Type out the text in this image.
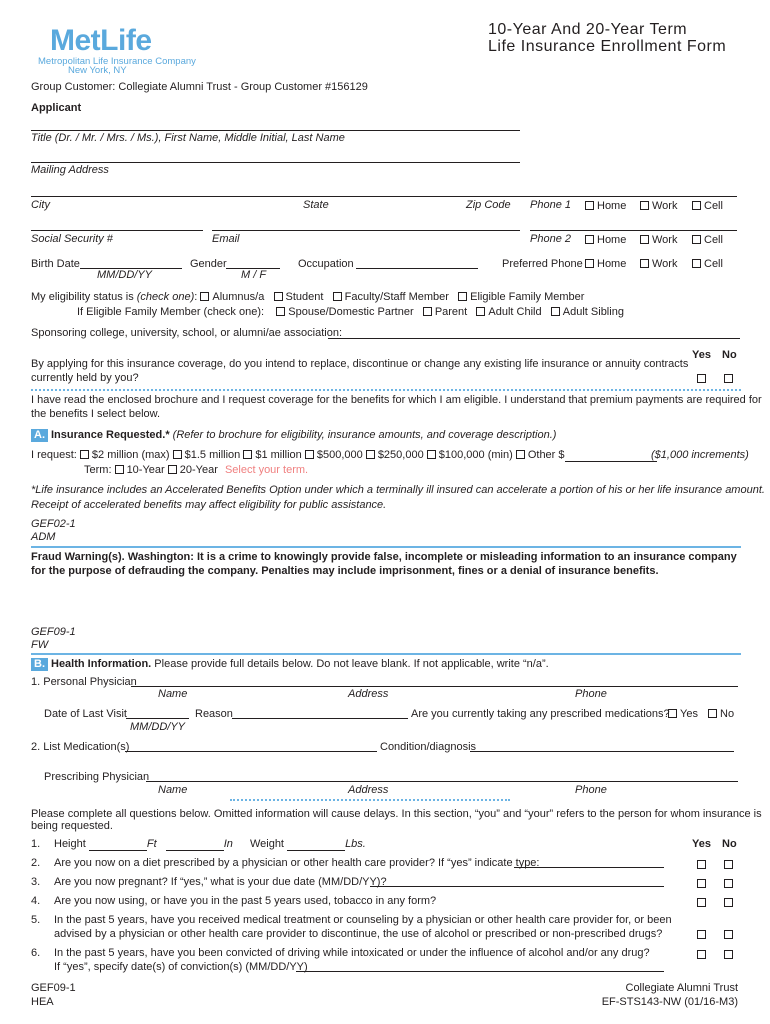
MetLife
Metropolitan Life Insurance Company
New York, NY
10-Year And 20-Year Term
Life Insurance Enrollment Form
Group Customer: Collegiate Alumni Trust - Group Customer #156129
Applicant
Title (Dr. / Mr. / Mrs. / Ms.), First Name, Middle Initial, Last Name
Mailing Address
City	State	Zip Code Phone 1	Home	Work	Cell
Social Security #	Email	Phone 2	Home	Work	Cell
Birth Date
MM/DD/YY
Gender
M / F
Occupation	Preferred Phone	Home	Work	Cell
My eligibility status is (check one): Alumnus/a Student Faculty/Staff Member Eligible Family Member
If Eligible Family Member (check one): Spouse/Domestic Partner Parent Adult Child Adult Sibling
Sponsoring college, university, school, or alumni/ae association:
Yes No
By applying for this insurance coverage, do you intend to replace, discontinue or change any existing life insurance or annuity contracts
currently held by you?
I have read the enclosed brochure and I request coverage for the benefits for which I am eligible. I understand that premium payments are required for
the benefits I select below.
A. Insurance Requested.* (Refer to brochure for eligibility, insurance amounts, and coverage description.)
I request: $2 million (max) $1.5 million $1 million $500,000 $250,000 $100,000 (min) Other $	($1,000 increments)
Term: 10-Year 20-Year Select your term.
*Life insurance includes an Accelerated Benefits Option under which a terminally ill insured can accelerate a portion of his or her life insurance amount.
Receipt of accelerated benefits may affect eligibility for public assistance.
GEF02-1
ADM
Fraud Warning(s). Washington: It is a crime to knowingly provide false, incomplete or misleading information to an insurance company
for the purpose of defrauding the company. Penalties may include imprisonment, fines or a denial of insurance benefits.
GEF09-1
FW
B. Health Information. Please provide full details below. Do not leave blank. If not applicable, write “n/a”.
1. Personal Physician
Name	Address	Phone
Date of Last Visit
MM/DD/YY
Reason	Are you currently taking any prescribed medications? Yes	No
2. List Medication(s)	Condition/diagnosis
Prescribing Physician
Name	Address	Phone
Please complete all questions below. Omitted information will cause delays. In this section, “you” and “your” refers to the person for whom insurance is
being requested.
Yes No
1. Height	Ft	In Weight	Lbs.
2. Are you now on a diet prescribed by a physician or other health care provider? If “yes” indicate type:
3. Are you now pregnant? If “yes,” what is your due date (MM/DD/YY)?
4. Are you now using, or have you in the past 5 years used, tobacco in any form?
5. In the past 5 years, have you received medical treatment or counseling by a physician or other health care provider for, or been
advised by a physician or other health care provider to discontinue, the use of alcohol or prescribed or non-prescribed drugs?
6. In the past 5 years, have you been convicted of driving while intoxicated or under the influence of alcohol and/or any drug?
If “yes”, specify date(s) of conviction(s) (MM/DD/YY)
GEF09-1
HEA
Collegiate Alumni Trust
EF-STS143-NW (01/16-M3)
